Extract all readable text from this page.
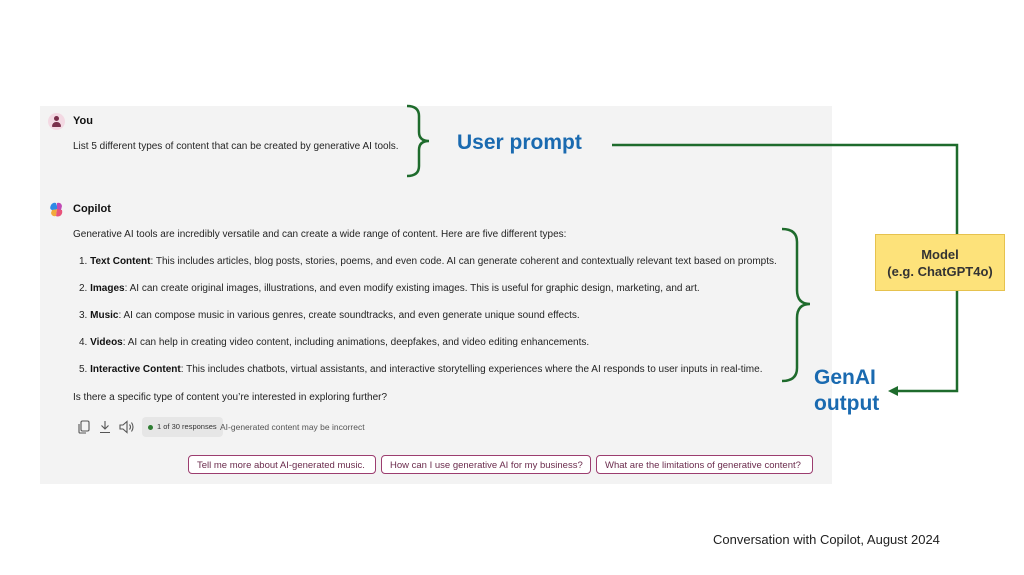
You
List 5 different types of content that can be created by generative AI tools.
Copilot
Generative AI tools are incredibly versatile and can create a wide range of content. Here are five different types:
1. Text Content: This includes articles, blog posts, stories, poems, and even code. AI can generate coherent and contextually relevant text based on prompts.
2. Images: AI can create original images, illustrations, and even modify existing images. This is useful for graphic design, marketing, and art.
3. Music: AI can compose music in various genres, create soundtracks, and even generate unique sound effects.
4. Videos: AI can help in creating video content, including animations, deepfakes, and video editing enhancements.
5. Interactive Content: This includes chatbots, virtual assistants, and interactive storytelling experiences where the AI responds to user inputs in real-time.
Is there a specific type of content you’re interested in exploring further?
1 of 30 responses AI-generated content may be incorrect
Tell me more about AI-generated music.	How can I use generative AI for my business?	What are the limitations of generative content?
User prompt
GenAI
output
Model
(e.g. ChatGPT4o)
Conversation with Copilot, August 2024
